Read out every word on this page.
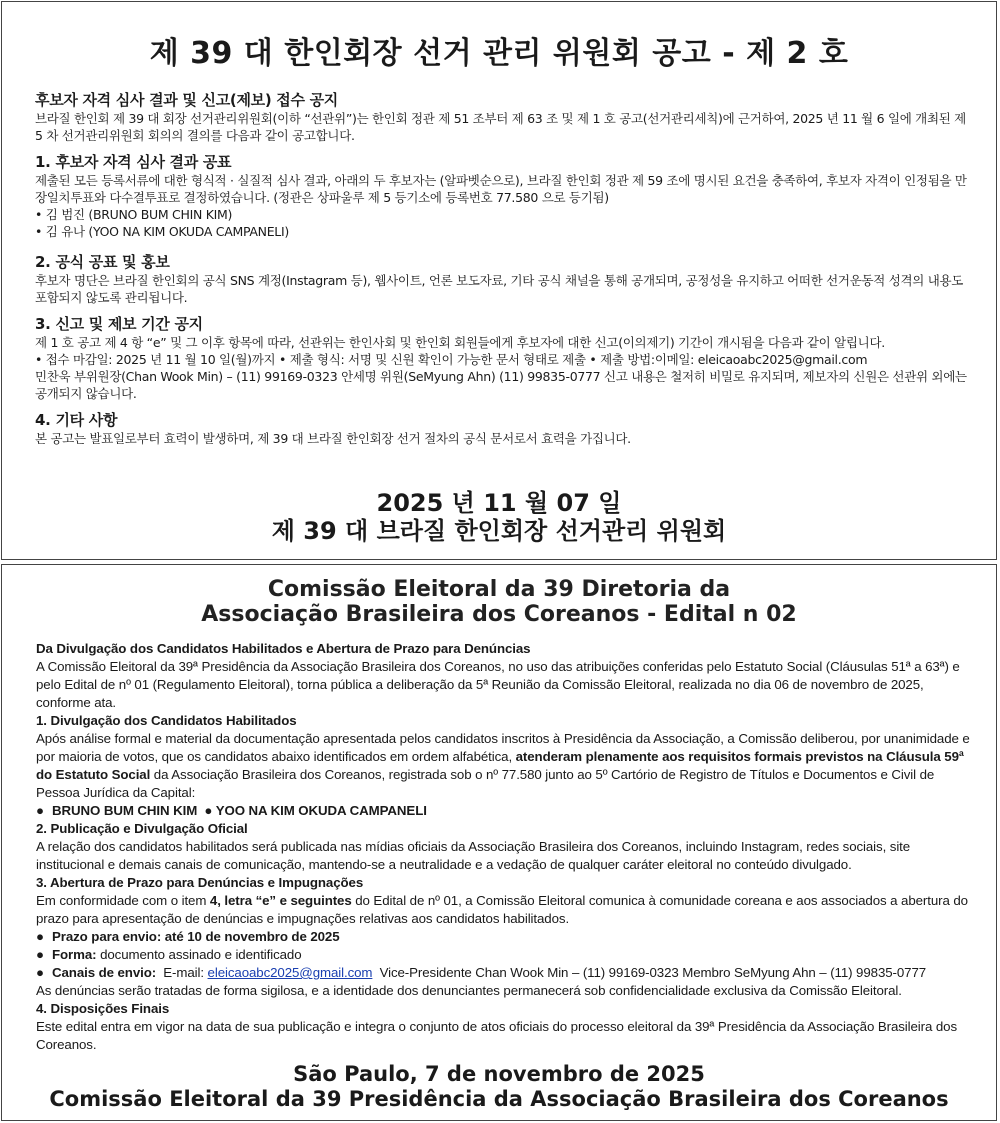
제 39 대 한인회장 선거 관리 위원회 공고 - 제 2 호

후보자 자격 심사 결과 및 신고(제보) 접수 공지

브라질 한인회 제 39 대 회장 선거관리위원회(이하 “선관위”)는 한인회 정관 제 51 조부터 제 63 조 및 제 1 호 공고(선거관리세칙)에 근거하여, 2025 년 11 월 6 일에 개최된 제 5 차 선거관리위원회 회의의 결의를 다음과 같이 공고합니다.

1. 후보자 자격 심사 결과 공표

제출된 모든 등록서류에 대한 형식적 · 실질적 심사 결과, 아래의 두 후보자는 (알파벳순으로), 브라질 한인회 정관 제 59 조에 명시된 요건을 충족하여, 후보자 자격이 인정됨을 만장일치투표와 다수결투표로 결정하였습니다. (정관은 상파울루 제 5 등기소에 등록번호 77.580 으로 등기됨)

• 김 범진 (BRUNO BUM CHIN KIM)

• 김 유나 (YOO NA KIM OKUDA CAMPANELI)

2. 공식 공표 및 홍보

후보자 명단은 브라질 한인회의 공식 SNS 계정(Instagram 등), 웹사이트, 언론 보도자료, 기타 공식 채널을 통해 공개되며, 공정성을 유지하고 어떠한 선거운동적 성격의 내용도 포함되지 않도록 관리됩니다.

3. 신고 및 제보 기간 공지

제 1 호 공고 제 4 항 “e” 및 그 이후 항목에 따라, 선관위는 한인사회 및 한인회 회원들에게 후보자에 대한 신고(이의제기) 기간이 개시됨을 다음과 같이 알립니다.

• 접수 마감일: 2025 년 11 월 10 일(월)까지 • 제출 형식: 서명 및 신원 확인이 가능한 문서 형태로 제출 • 제출 방법:이메일: eleicaoabc2025@gmail.com

민찬욱 부위원장(Chan Wook Min) – (11) 99169-0323 안세명 위원(SeMyung Ahn) (11) 99835-0777 신고 내용은 철저히 비밀로 유지되며, 제보자의 신원은 선관위 외에는 공개되지 않습니다.

4. 기타 사항

본 공고는 발표일로부터 효력이 발생하며, 제 39 대 브라질 한인회장 선거 절차의 공식 문서로서 효력을 가집니다.

2025 년 11 월 07 일
제 39 대 브라질 한인회장 선거관리 위원회
Comissão Eleitoral da 39 Diretoria da
Associação Brasileira dos Coreanos - Edital n 02

Da Divulgação dos Candidatos Habilitados e Abertura de Prazo para Denúncias

A Comissão Eleitoral da 39ª Presidência da Associação Brasileira dos Coreanos, no uso das atribuições conferidas pelo Estatuto Social (Cláusulas 51ª a 63ª) e pelo Edital de nº 01 (Regulamento Eleitoral), torna pública a deliberação da 5ª Reunião da Comissão Eleitoral, realizada no dia 06 de novembro de 2025, conforme ata.

1. Divulgação dos Candidatos Habilitados

Após análise formal e material da documentação apresentada pelos candidatos inscritos à Presidência da Associação, a Comissão deliberou, por unanimidade e por maioria de votos, que os candidatos abaixo identificados em ordem alfabética, atenderam plenamente aos requisitos formais previstos na Cláusula 59ª do Estatuto Social da Associação Brasileira dos Coreanos, registrada sob o nº 77.580 junto ao 5º Cartório de Registro de Títulos e Documentos e Civil de Pessoa Jurídica da Capital:

● BRUNO BUM CHIN KIM  ● YOO NA KIM OKUDA CAMPANELI

2. Publicação e Divulgação Oficial

A relação dos candidatos habilitados será publicada nas mídias oficiais da Associação Brasileira dos Coreanos, incluindo Instagram, redes sociais, site institucional e demais canais de comunicação, mantendo-se a neutralidade e a vedação de qualquer caráter eleitoral no conteúdo divulgado.

3. Abertura de Prazo para Denúncias e Impugnações

Em conformidade com o item 4, letra “e” e seguintes do Edital de nº 01, a Comissão Eleitoral comunica à comunidade coreana e aos associados a abertura do prazo para apresentação de denúncias e impugnações relativas aos candidatos habilitados.

● Prazo para envio: até 10 de novembro de 2025

● Forma: documento assinado e identificado

● Canais de envio:  E-mail: eleicaoabc2025@gmail.com  Vice-Presidente Chan Wook Min – (11) 99169-0323 Membro SeMyung Ahn – (11) 99835-0777

As denúncias serão tratadas de forma sigilosa, e a identidade dos denunciantes permanecerá sob confidencialidade exclusiva da Comissão Eleitoral.

4. Disposições Finais

Este edital entra em vigor na data de sua publicação e integra o conjunto de atos oficiais do processo eleitoral da 39ª Presidência da Associação Brasileira dos Coreanos.

São Paulo, 7 de novembro de 2025
Comissão Eleitoral da 39 Presidência da Associação Brasileira dos Coreanos
